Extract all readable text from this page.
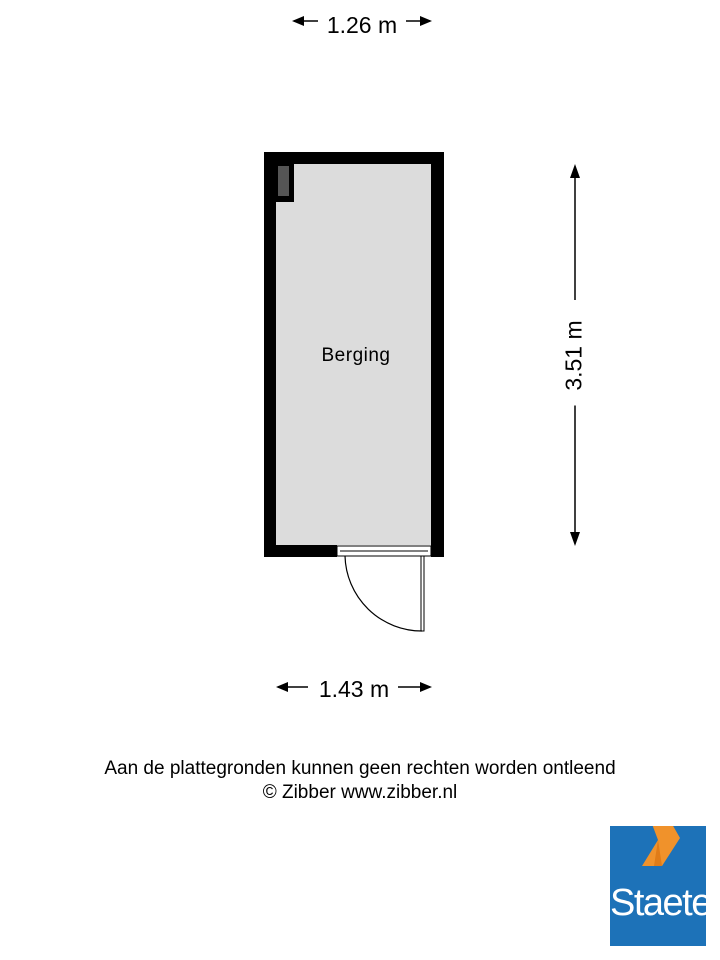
1.26 m
3.51 m
Berging
1.43 m
Aan de plattegronden kunnen geen rechten worden ontleend
© Zibber www.zibber.nl
Staete
